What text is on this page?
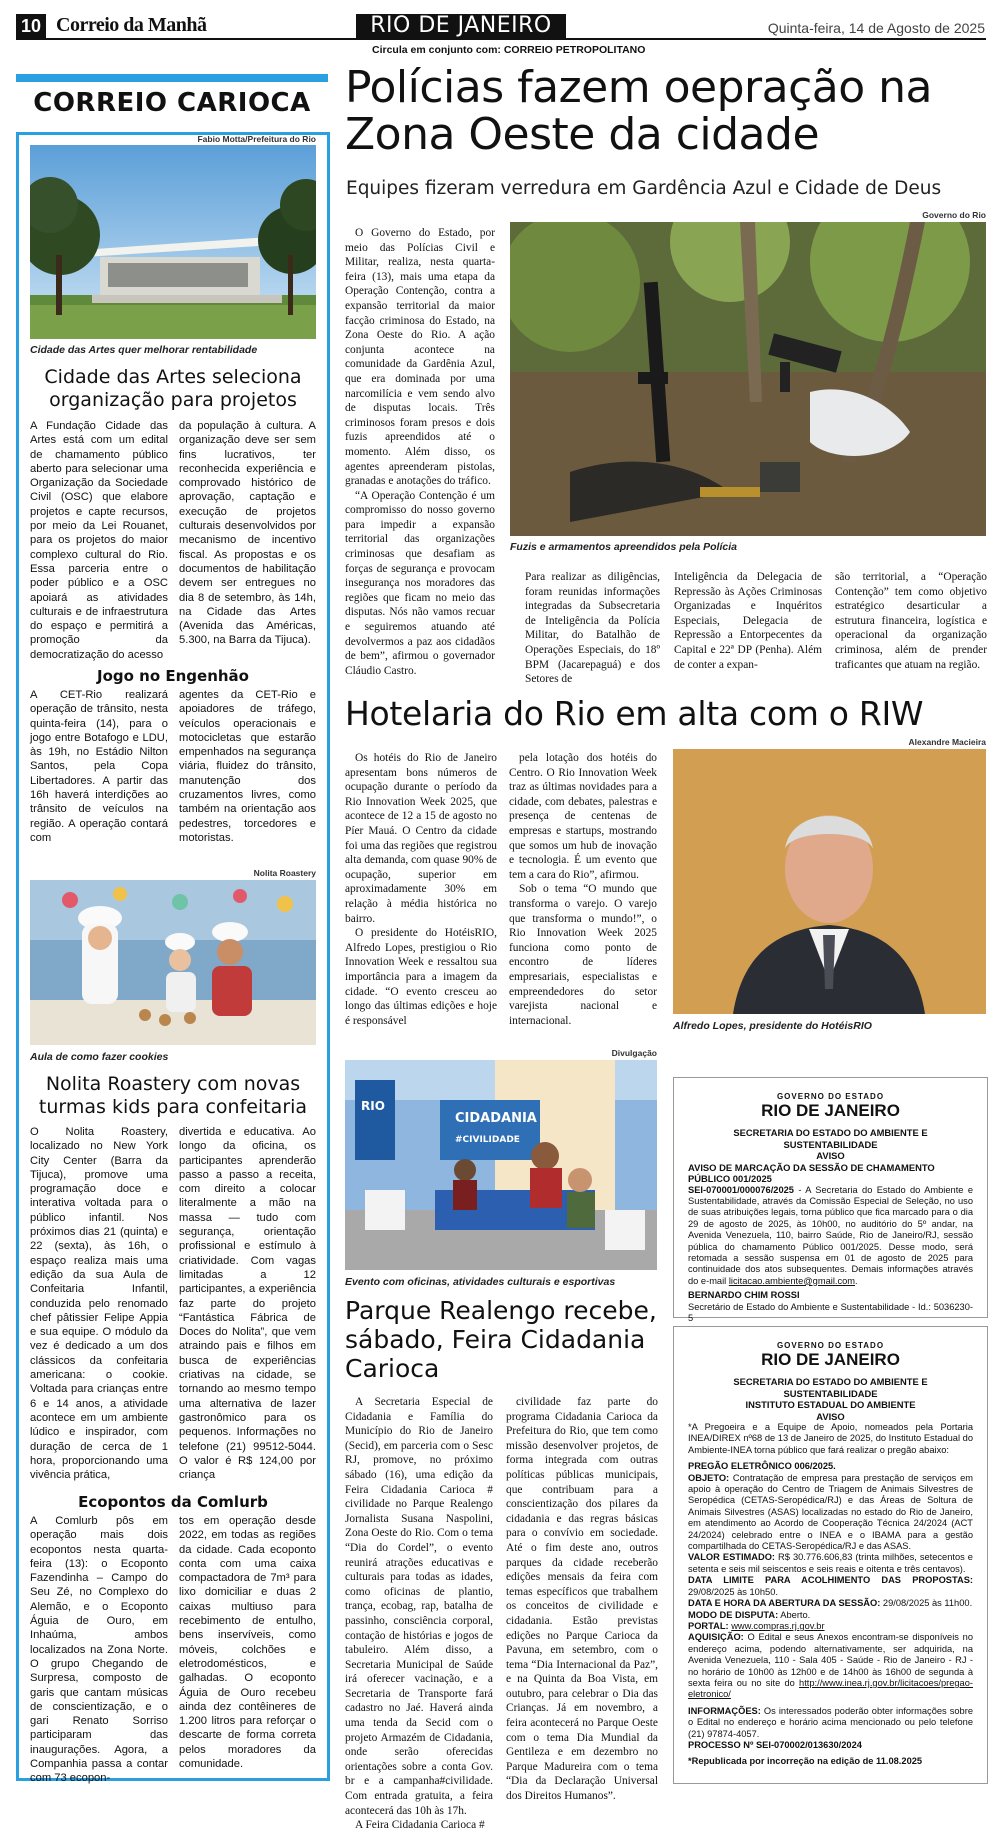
10 Correio da Manhã	RIO DE JANEIRO	Quinta-feira, 14 de Agosto de 2025
Circula em conjunto com: CORREIO PETROPOLITANO
CORREIO CARIOCA
Fabio Motta/Prefeitura do Rio
Cidade das Artes quer melhorar rentabilidade
Cidade das Artes seleciona organização para projetos
A Fundação Cidade das Artes está com um edital de chamamento público aberto para selecionar uma Organização da Sociedade Civil (OSC) que elabore projetos e capte recursos, por meio da Lei Rouanet, para os projetos do maior complexo cultural do Rio. Essa parceria entre o poder público e a OSC apoiará as atividades culturais e de infraestrutura do espaço e permitirá a promoção da democratização do acesso
da população à cultura. A organização deve ser sem fins lucrativos, ter reconhecida experiência e comprovado histórico de aprovação, captação e execução de projetos culturais desenvolvidos por mecanismo de incentivo fiscal. As propostas e os documentos de habilitação devem ser entregues no dia 8 de setembro, às 14h, na Cidade das Artes (Avenida das Américas, 5.300, na Barra da Tijuca).
Jogo no Engenhão
A CET-Rio realizará operação de trânsito, nesta quinta-feira (14), para o jogo entre Botafogo e LDU, às 19h, no Estádio Nilton Santos, pela Copa Libertadores. A partir das 16h haverá interdições ao trânsito de veículos na região. A operação contará com
agentes da CET-Rio e apoiadores de tráfego, veículos operacionais e motocicletas que estarão empenhados na segurança viária, fluidez do trânsito, manutenção dos cruzamentos livres, como também na orientação aos pedestres, torcedores e motoristas.
Nolita Roastery
Aula de como fazer cookies
Nolita Roastery com novas turmas kids para confeitaria
O Nolita Roastery, localizado no New York City Center (Barra da Tijuca), promove uma programação doce e interativa voltada para o público infantil. Nos próximos dias 21 (quinta) e 22 (sexta), às 16h, o espaço realiza mais uma edição da sua Aula de Confeitaria Infantil, conduzida pelo renomado chef pâtissier Felipe Appia e sua equipe. O módulo da vez é dedicado a um dos clássicos da confeitaria americana: o cookie. Voltada para crianças entre 6 e 14 anos, a atividade acontece em um ambiente lúdico e inspirador, com duração de cerca de 1 hora, proporcionando uma vivência prática,
divertida e educativa. Ao longo da oficina, os participantes aprenderão passo a passo a receita, com direito a colocar literalmente a mão na massa — tudo com segurança, orientação profissional e estímulo à criatividade. Com vagas limitadas a 12 participantes, a experiência faz parte do projeto “Fantástica Fábrica de Doces do Nolita”, que vem atraindo pais e filhos em busca de experiências criativas na cidade, se tornando ao mesmo tempo uma alternativa de lazer gastronômico para os pequenos. Informações no telefone (21) 99512-5044. O valor é R$ 124,00 por criança
Ecopontos da Comlurb
A Comlurb pôs em operação mais dois ecopontos nesta quarta-feira (13): o Ecoponto Fazendinha – Campo do Seu Zé, no Complexo do Alemão, e o Ecoponto Águia de Ouro, em Inhaúma, ambos localizados na Zona Norte. O grupo Chegando de Surpresa, composto de garis que cantam músicas de conscientização, e o gari Renato Sorriso participaram das inaugurações. Agora, a Companhia passa a contar com 73 ecopon-
tos em operação desde 2022, em todas as regiões da cidade. Cada ecoponto conta com uma caixa compactadora de 7m³ para lixo domiciliar e duas 2 caixas multiuso para recebimento de entulho, bens inservíveis, como móveis, colchões e eletrodomésticos, e galhadas. O ecoponto Águia de Ouro recebeu ainda dez contêineres de 1.200 litros para reforçar o descarte de forma correta pelos moradores da comunidade.
Polícias fazem oepração na Zona Oeste da cidade
Equipes fizeram verredura em Gardência Azul e Cidade de Deus

O Governo do Estado, por meio das Polícias Civil e Militar, realiza, nesta quarta-feira (13), mais uma etapa da Operação Contenção, contra a expansão territorial da maior facção criminosa do Estado, na Zona Oeste do Rio. A ação conjunta acontece na comunidade da Gardênia Azul, que era dominada por uma narcomilícia e vem sendo alvo de disputas locais. Três criminosos foram presos e dois fuzis apreendidos até o momento. Além disso, os agentes apreenderam pistolas, granadas e anotações do tráfico.

“A Operação Contenção é um compromisso do nosso governo para impedir a expansão territorial das organizações criminosas que desafiam as forças de segurança e provocam insegurança nos moradores das regiões que ficam no meio das disputas. Nós não vamos recuar e seguiremos atuando até devolvermos a paz aos cidadãos de bem”, afirmou o governador Cláudio Castro.

Governo do Rio
Fuzis e armamentos apreendidos pela Polícia
Para realizar as diligências, foram reunidas informações integradas da Subsecretaria de Inteligência da Polícia Militar, do Batalhão de Operações Especiais, do 18º BPM (Jacarepaguá) e dos Setores de
Inteligência da Delegacia de Repressão às Ações Criminosas Organizadas e Inquéritos Especiais, Delegacia de Repressão a Entorpecentes da Capital e 22ª DP (Penha). Além de conter a expan-
são territorial, a “Operação Contenção” tem como objetivo estratégico desarticular a estrutura financeira, logística e operacional da organização criminosa, além de prender traficantes que atuam na região.
Hotelaria do Rio em alta com o RIW

Os hotéis do Rio de Janeiro apresentam bons números de ocupação durante o período da Rio Innovation Week 2025, que acontece de 12 a 15 de agosto no Píer Mauá. O Centro da cidade foi uma das regiões que registrou alta demanda, com quase 90% de ocupação, superior em aproximadamente 30% em relação à média histórica no bairro.

O presidente do HotéisRIO, Alfredo Lopes, prestigiou o Rio Innovation Week e ressaltou sua importância para a imagem da cidade. “O evento cresceu ao longo das últimas edições e hoje é responsável

pela lotação dos hotéis do Centro. O Rio Innovation Week traz as últimas novidades para a cidade, com debates, palestras e presença de centenas de empresas e startups, mostrando que somos um hub de inovação e tecnologia. É um evento que tem a cara do Rio”, afirmou.

Sob o tema “O mundo que transforma o varejo. O varejo que transforma o mundo!”, o Rio Innovation Week 2025 funciona como ponto de encontro de líderes empresariais, especialistas e empreendedores do setor varejista nacional e internacional.

Alexandre Macieira
Alfredo Lopes, presidente do HotéisRIO
Divulgação
CIDADANIA
#CIVILIDADE
RIO
Evento com oficinas, atividades culturais e esportivas
Parque Realengo recebe, sábado, Feira Cidadania Carioca

A Secretaria Especial de Cidadania e Família do Município do Rio de Janeiro (Secid), em parceria com o Sesc RJ, promove, no próximo sábado (16), uma edição da Feira Cidadania Carioca # civilidade no Parque Realengo Jornalista Susana Naspolini, Zona Oeste do Rio. Com o tema “Dia do Cordel”, o evento reunirá atrações educativas e culturais para todas as idades, como oficinas de plantio, trança, ecobag, rap, batalha de passinho, consciência corporal, contação de histórias e jogos de tabuleiro. Além disso, a Secretaria Municipal de Saúde irá oferecer vacinação, e a Secretaria de Transporte fará cadastro no Jaé. Haverá ainda uma tenda da Secid com o projeto Armazém de Cidadania, onde serão oferecidas orientações sobre a conta Gov. br e a campanha#civilidade. Com entrada gratuita, a feira acontecerá das 10h às 17h.

A Feira Cidadania Carioca #

civilidade faz parte do programa Cidadania Carioca da Prefeitura do Rio, que tem como missão desenvolver projetos, de forma integrada com outras políticas públicas municipais, que contribuam para a conscientização dos pilares da cidadania e das regras básicas para o convívio em sociedade. Até o fim deste ano, outros parques da cidade receberão edições mensais da feira com temas específicos que trabalhem os conceitos de civilidade e cidadania. Estão previstas edições no Parque Carioca da Pavuna, em setembro, com o tema “Dia Internacional da Paz”, e na Quinta da Boa Vista, em outubro, para celebrar o Dia das Crianças. Já em novembro, a feira acontecerá no Parque Oeste com o tema Dia Mundial da Gentileza e em dezembro no Parque Madureira com o tema “Dia da Declaração Universal dos Direitos Humanos”.

GOVERNO DO ESTADO
RIO DE JANEIRO
SECRETARIA DO ESTADO DO AMBIENTE E SUSTENTABILIDADE
AVISO
AVISO DE MARCAÇÃO DA SESSÃO DE CHAMAMENTO PÚBLICO 001/2025
SEI-070001/000076/2025 - A Secretaria do Estado do Ambiente e Sustentabilidade, através da Comissão Especial de Seleção, no uso de suas atribuições legais, torna público que fica marcado para o dia 29 de agosto de 2025, às 10h00, no auditório do 5º andar, na Avenida Venezuela, 110, bairro Saúde, Rio de Janeiro/RJ, sessão pública do chamamento Público 001/2025. Desse modo, será retomada a sessão suspensa em 01 de agosto de 2025 para continuidade dos atos subsequentes. Demais informações através do e-mail licitacao.ambiente@gmail.com.
BERNARDO CHIM ROSSI
Secretário de Estado do Ambiente e Sustentabilidade - Id.: 5036230-5
GOVERNO DO ESTADO
RIO DE JANEIRO
SECRETARIA DO ESTADO DO AMBIENTE E SUSTENTABILIDADE
INSTITUTO ESTADUAL DO AMBIENTE
AVISO
*A Pregoeira e a Equipe de Apoio, nomeados pela Portaria INEA/DIREX nº68 de 13 de Janeiro de 2025, do Instituto Estadual do Ambiente-INEA torna público que fará realizar o pregão abaixo:
PREGÃO ELETRÔNICO 006/2025.
OBJETO: Contratação de empresa para prestação de serviços em apoio à operação do Centro de Triagem de Animais Silvestres de Seropédica (CETAS-Seropédica/RJ) e das Áreas de Soltura de Animais Silvestres (ASAS) localizadas no estado do Rio de Janeiro, em atendimento ao Acordo de Cooperação Técnica 24/2024 (ACT 24/2024) celebrado entre o INEA e o IBAMA para a gestão compartilhada do CETAS-Seropédica/RJ e das ASAS.
VALOR ESTIMADO: R$ 30.776.606,83 (trinta milhões, setecentos e setenta e seis mil seiscentos e seis reais e oitenta e três centavos).
DATA LIMITE PARA ACOLHIMENTO DAS PROPOSTAS: 29/08/2025 às 10h50.
DATA E HORA DA ABERTURA DA SESSÃO: 29/08/2025 às 11h00.
MODO DE DISPUTA: Aberto.
PORTAL: www.compras.rj.gov.br
AQUISIÇÃO: O Edital e seus Anexos encontram-se disponíveis no endereço acima, podendo alternativamente, ser adquirida, na Avenida Venezuela, 110 - Sala 405 - Saúde - Rio de Janeiro - RJ - no horário de 10h00 às 12h00 e de 14h00 às 16h00 de segunda à sexta feira ou no site do http://www.inea.rj.gov.br/licitacoes/pregao-eletronico/
INFORMAÇÕES: Os interessados poderão obter informações sobre o Edital no endereço e horário acima mencionado ou pelo telefone (21) 97874-4057.
PROCESSO Nº SEI-070002/013630/2024
*Republicada por incorreção na edição de 11.08.2025
